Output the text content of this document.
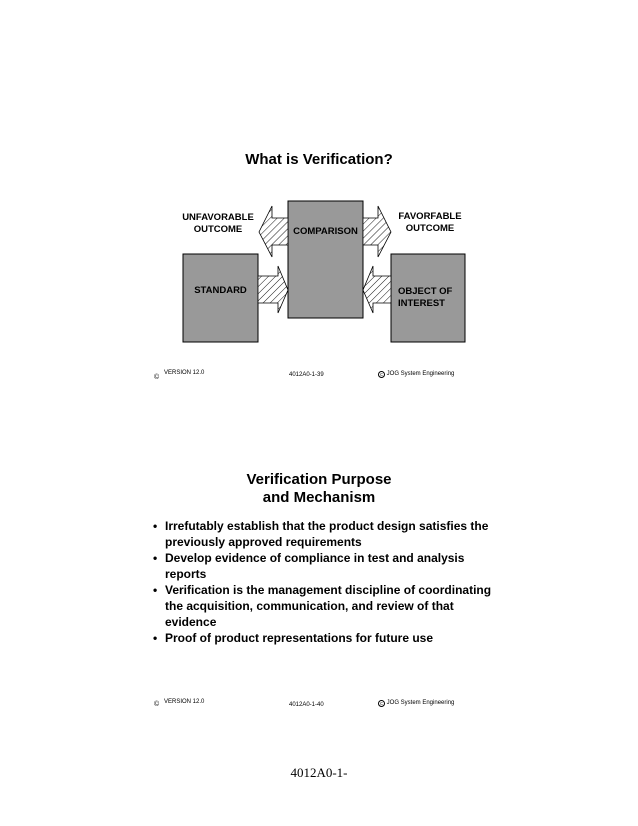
What is Verification?
UNFAVORABLE
OUTCOME
FAVORFABLE
OUTCOME
COMPARISON
STANDARD	OBJECT OF
INTEREST
©
VERSION 12.0	4012A0-1-39	c JOG System Engineering
Verification Purpose
and Mechanism
• Irrefutably establish that the product design satisfies the previously approved requirements
• Develop evidence of compliance in test and analysis reports
• Verification is the management discipline of coordinating the acquisition, communication, and review of that evidence
• Proof of product representations for future use
© VERSION 12.0	4012A0-1-40	c JOG System Engineering
4012A0-1-
